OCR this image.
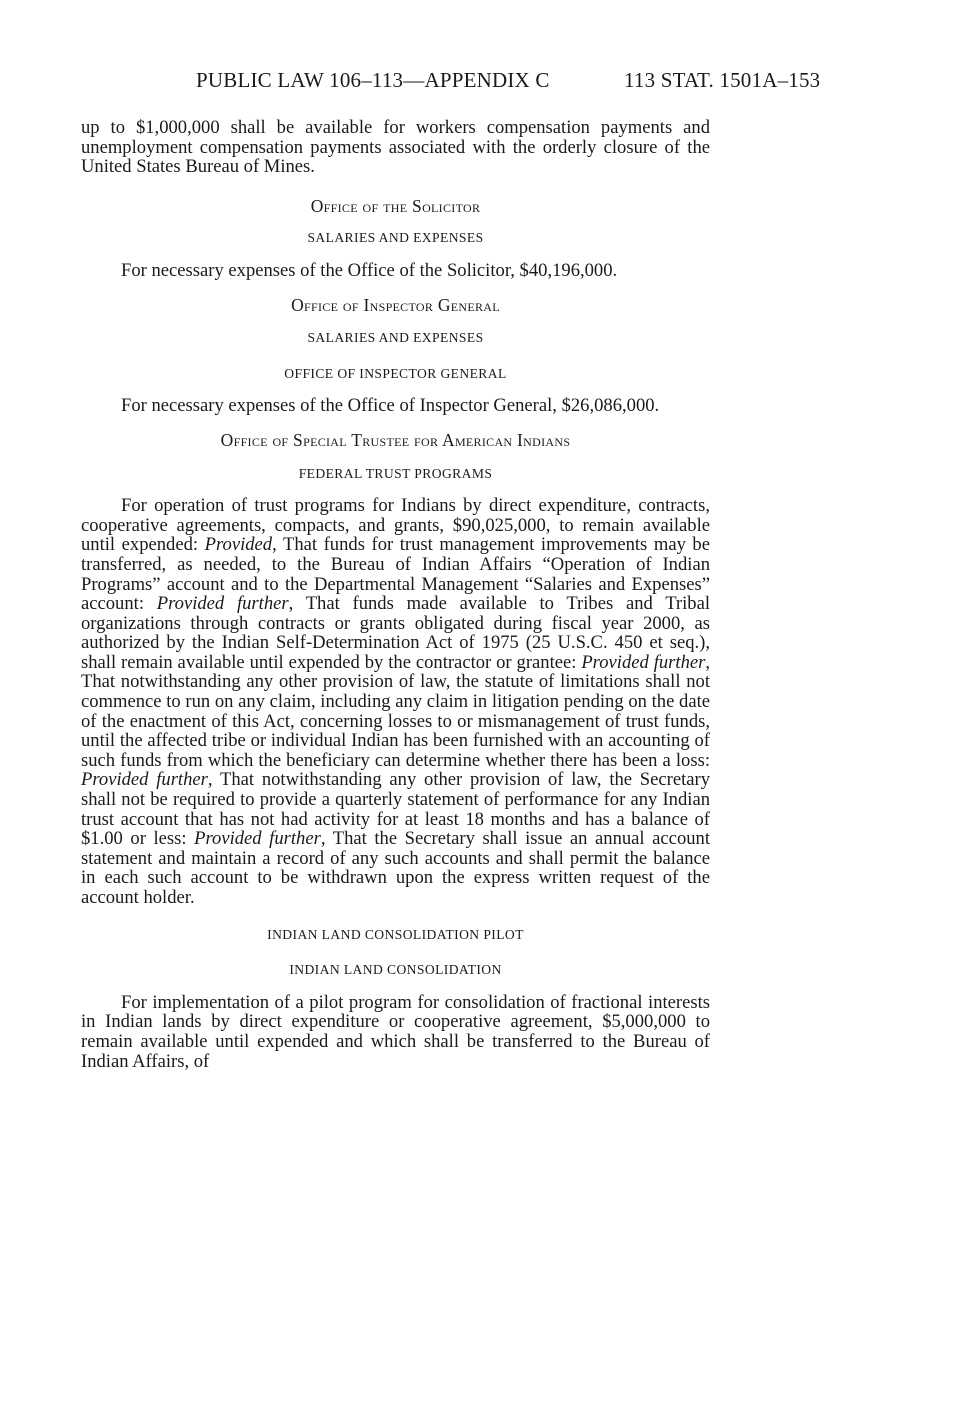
PUBLIC LAW 106–113—APPENDIX C	113 STAT. 1501A–153

up to $1,000,000 shall be available for workers compensation payments and unemployment compensation payments associated with the orderly closure of the United States Bureau of Mines.

Office of the Solicitor
SALARIES AND EXPENSES

For necessary expenses of the Office of the Solicitor, $40,196,000.

Office of Inspector General
SALARIES AND EXPENSES
OFFICE OF INSPECTOR GENERAL

For necessary expenses of the Office of Inspector General, $26,086,000.

Office of Special Trustee for American Indians
FEDERAL TRUST PROGRAMS

For operation of trust programs for Indians by direct expenditure, contracts, cooperative agreements, compacts, and grants, $90,025,000, to remain available until expended: Provided, That funds for trust management improvements may be transferred, as needed, to the Bureau of Indian Affairs “Operation of Indian Programs” account and to the Departmental Management “Salaries and Expenses” account: Provided further, That funds made available to Tribes and Tribal organizations through contracts or grants obligated during fiscal year 2000, as authorized by the Indian Self-Determination Act of 1975 (25 U.S.C. 450 et seq.), shall remain available until expended by the contractor or grantee: Provided further, That notwithstanding any other provision of law, the statute of limitations shall not commence to run on any claim, including any claim in litigation pending on the date of the enactment of this Act, concerning losses to or mismanagement of trust funds, until the affected tribe or individual Indian has been furnished with an accounting of such funds from which the beneficiary can determine whether there has been a loss: Provided further, That notwithstanding any other provision of law, the Secretary shall not be required to provide a quarterly statement of performance for any Indian trust account that has not had activity for at least 18 months and has a balance of $1.00 or less: Provided further, That the Secretary shall issue an annual account statement and maintain a record of any such accounts and shall permit the balance in each such account to be withdrawn upon the express written request of the account holder.

INDIAN LAND CONSOLIDATION PILOT
INDIAN LAND CONSOLIDATION

For implementation of a pilot program for consolidation of fractional interests in Indian lands by direct expenditure or cooperative agreement, $5,000,000 to remain available until expended and which shall be transferred to the Bureau of Indian Affairs, of
